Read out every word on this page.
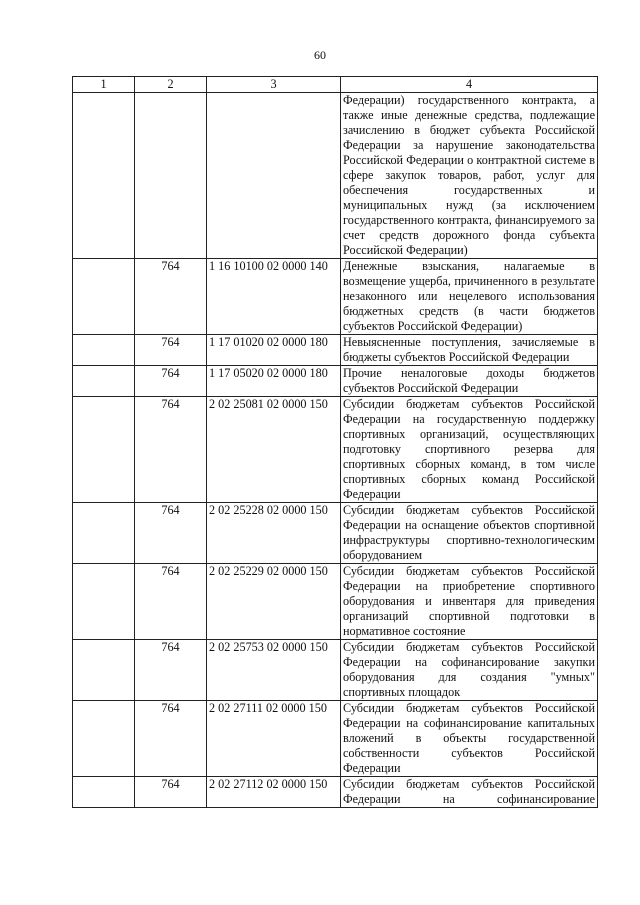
60
1	2	3	4
			Федерации) государственного контракта, а также иные денежные средства, подлежащие зачислению в бюджет субъекта Российской Федерации за нарушение законодательства Российской Федерации о контрактной системе в сфере закупок товаров, работ, услуг для обеспечения государственных и муниципальных нужд (за исключением государственного контракта, финансируемого за счет средств дорожного фонда субъекта Российской Федерации)
	764	1 16 10100 02 0000 140	Денежные взыскания, налагаемые в возмещение ущерба, причиненного в результате незаконного или нецелевого использования бюджетных средств (в части бюджетов субъектов Российской Федерации)
	764	1 17 01020 02 0000 180	Невыясненные поступления, зачисляемые в бюджеты субъектов Российской Федерации
	764	1 17 05020 02 0000 180	Прочие неналоговые доходы бюджетов субъектов Российской Федерации
	764	2 02 25081 02 0000 150	Субсидии бюджетам субъектов Российской Федерации на государственную поддержку спортивных организаций, осуществляющих подготовку спортивного резерва для спортивных сборных команд, в том числе спортивных сборных команд Российской Федерации
	764	2 02 25228 02 0000 150	Субсидии бюджетам субъектов Российской Федерации на оснащение объектов спортивной инфраструктуры спортивно-технологическим оборудованием
	764	2 02 25229 02 0000 150	Субсидии бюджетам субъектов Российской Федерации на приобретение спортивного оборудования и инвентаря для приведения организаций спортивной подготовки в нормативное состояние
	764	2 02 25753 02 0000 150	Субсидии бюджетам субъектов Российской Федерации на софинансирование закупки оборудования для создания "умных" спортивных площадок
	764	2 02 27111 02 0000 150	Субсидии бюджетам субъектов Российской Федерации на софинансирование капитальных вложений в объекты государственной собственности субъектов Российской Федерации
	764	2 02 27112 02 0000 150	Субсидии бюджетам субъектов Российской Федерации на софинансирование
